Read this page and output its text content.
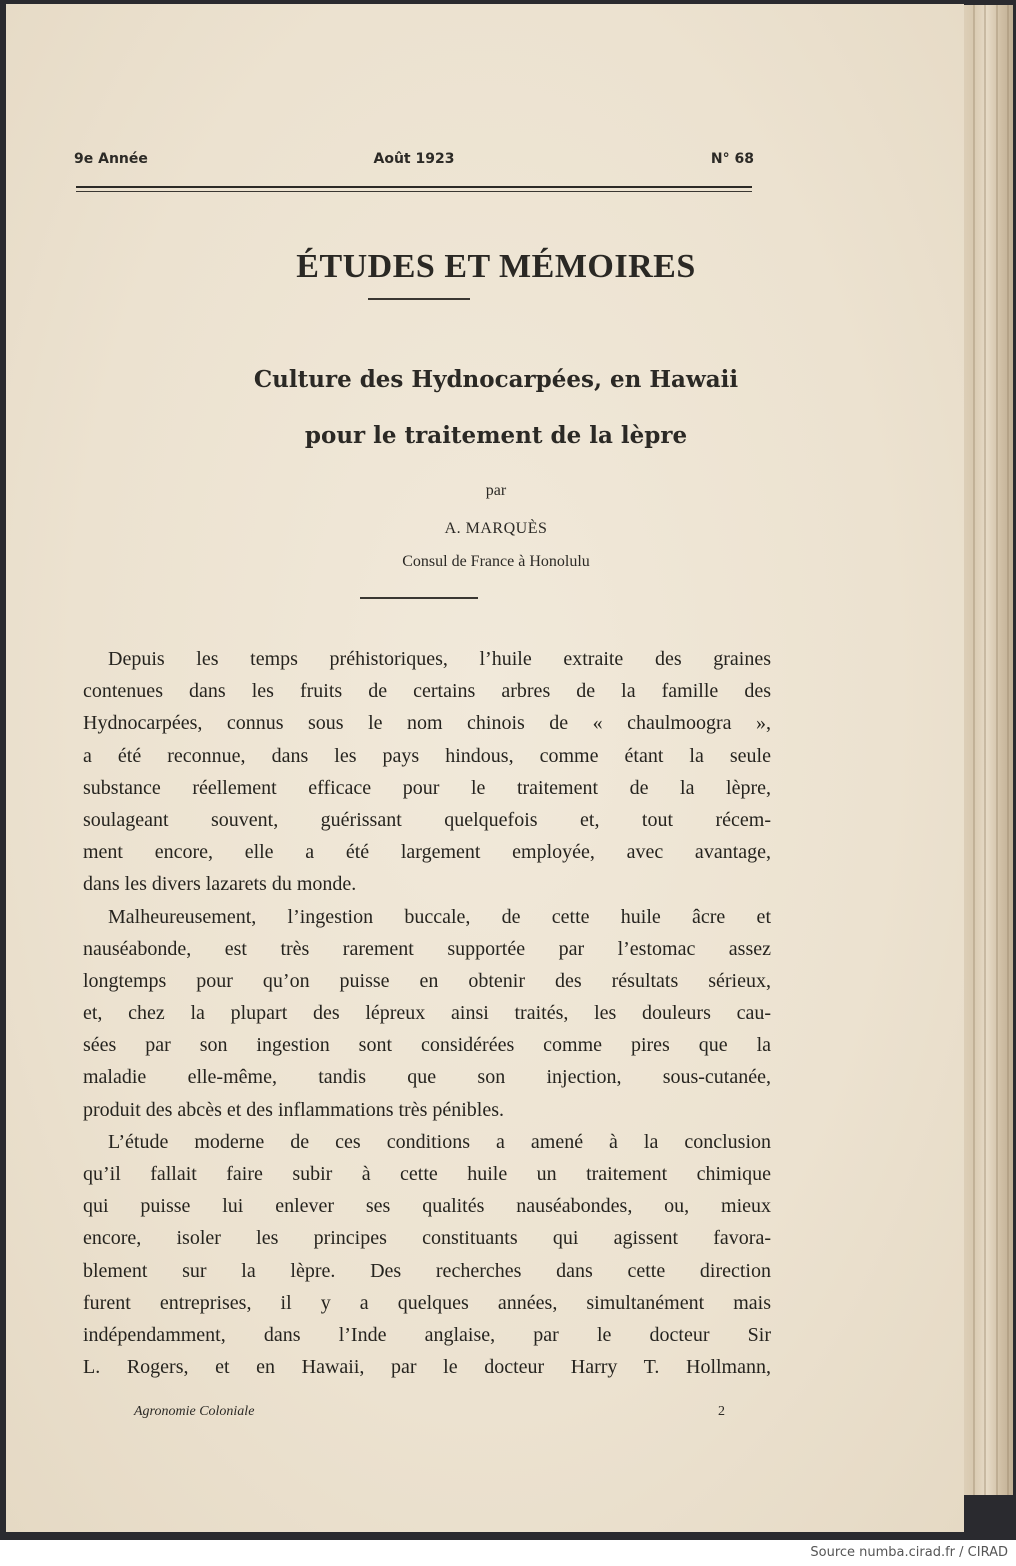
9e Année	Août 1923	N° 68
ÉTUDES ET MÉMOIRES
Culture des Hydnocarpées, en Hawaii
pour le traitement de la lèpre
par
A. MARQUÈS
Consul de France à Honolulu
Depuis les temps préhistoriques, l’huile extraite des graines
contenues dans les fruits de certains arbres de la famille des
Hydnocarpées, connus sous le nom chinois de « chaulmoogra »,
a été reconnue, dans les pays hindous, comme étant la seule
substance réellement efficace pour le traitement de la lèpre,
soulageant souvent, guérissant quelquefois et, tout récem-
ment encore, elle a été largement employée, avec avantage,
dans les divers lazarets du monde.
Malheureusement, l’ingestion buccale, de cette huile âcre et
nauséabonde, est très rarement supportée par l’estomac assez
longtemps pour qu’on puisse en obtenir des résultats sérieux,
et, chez la plupart des lépreux ainsi traités, les douleurs cau-
sées par son ingestion sont considérées comme pires que la
maladie elle-même, tandis que son injection, sous-cutanée,
produit des abcès et des inflammations très pénibles.
L’étude moderne de ces conditions a amené à la conclusion
qu’il fallait faire subir à cette huile un traitement chimique
qui puisse lui enlever ses qualités nauséabondes, ou, mieux
encore, isoler les principes constituants qui agissent favora-
blement sur la lèpre. Des recherches dans cette direction
furent entreprises, il y a quelques années, simultanément mais
indépendamment, dans l’Inde anglaise, par le docteur Sir
L. Rogers, et en Hawaii, par le docteur Harry T. Hollmann,
Agronomie Coloniale	2
Source numba.cirad.fr / CIRAD
